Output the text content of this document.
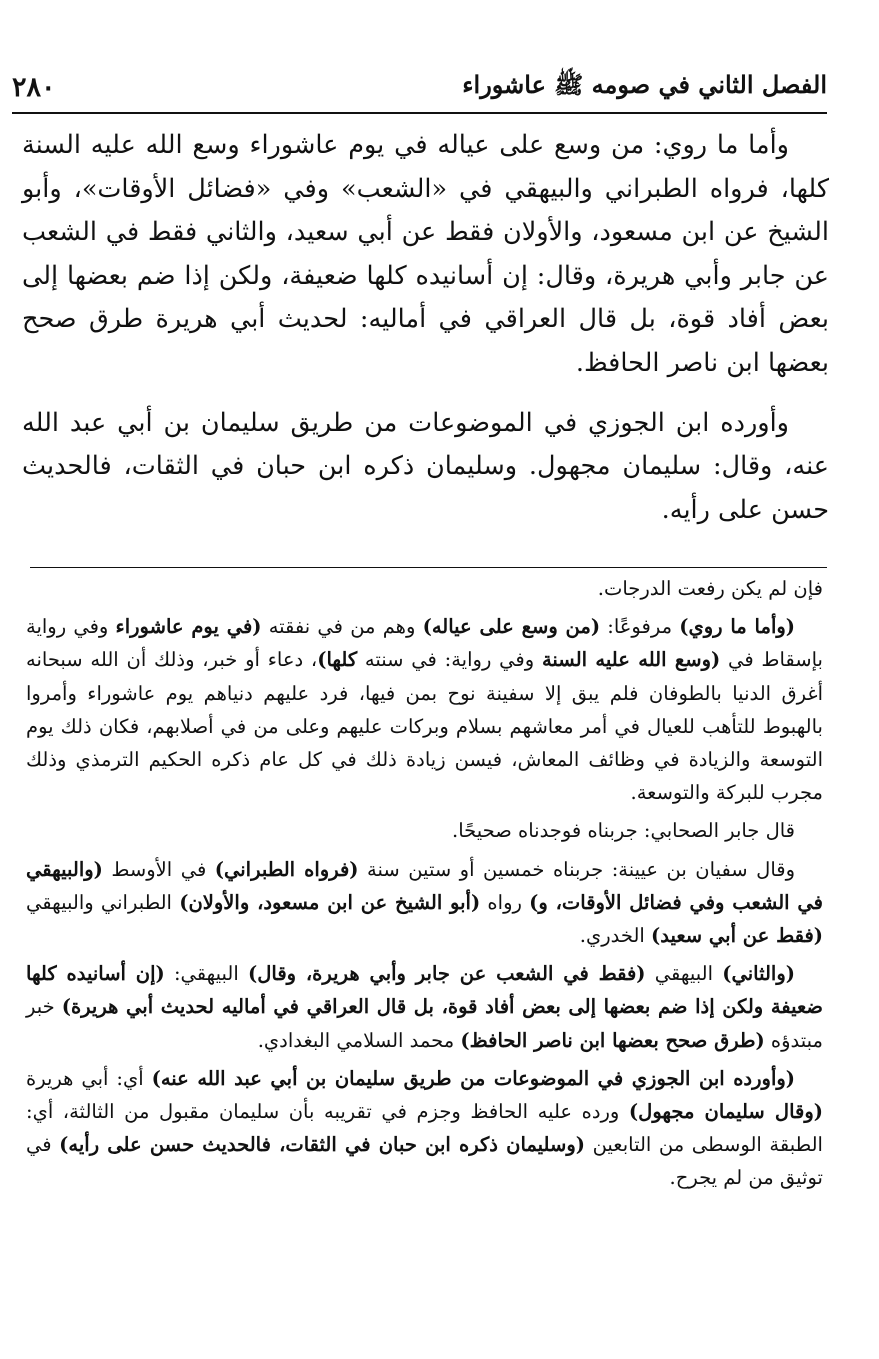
الفصل الثاني في صومه ﷺ عاشوراء
٢٨٠

وأما ما روي: من وسع على عياله في يوم عاشوراء وسع الله عليه السنة كلها، فرواه الطبراني والبيهقي في «الشعب» وفي «فضائل الأوقات»، وأبو الشيخ عن ابن مسعود، والأولان فقط عن أبي سعيد، والثاني فقط في الشعب عن جابر وأبي هريرة، وقال: إن أسانيده كلها ضعيفة، ولكن إذا ضم بعضها إلى بعض أفاد قوة، بل قال العراقي في أماليه: لحديث أبي هريرة طرق صحح بعضها ابن ناصر الحافظ.

وأورده ابن الجوزي في الموضوعات من طريق سليمان بن أبي عبد الله عنه، وقال: سليمان مجهول. وسليمان ذكره ابن حبان في الثقات، فالحديث حسن على رأيه.

فإن لم يكن رفعت الدرجات.

(وأما ما روي) مرفوعًا: (من وسع على عياله) وهم من في نفقته (في يوم عاشوراء وفي رواية بإسقاط في (وسع الله عليه السنة وفي رواية: في سنته كلها)، دعاء أو خبر، وذلك أن الله سبحانه أغرق الدنيا بالطوفان فلم يبق إلا سفينة نوح بمن فيها، فرد عليهم دنياهم يوم عاشوراء وأمروا بالهبوط للتأهب للعيال في أمر معاشهم بسلام وبركات عليهم وعلى من في أصلابهم، فكان ذلك يوم التوسعة والزيادة في وظائف المعاش، فيسن زيادة ذلك في كل عام ذكره الحكيم الترمذي وذلك مجرب للبركة والتوسعة.

قال جابر الصحابي: جربناه فوجدناه صحيحًا.

وقال سفيان بن عيينة: جربناه خمسين أو ستين سنة (فرواه الطبراني) في الأوسط (والبيهقي في الشعب وفي فضائل الأوقات، و) رواه (أبو الشيخ عن ابن مسعود، والأولان) الطبراني والبيهقي (فقط عن أبي سعيد) الخدري.

(والثاني) البيهقي (فقط في الشعب عن جابر وأبي هريرة، وقال) البيهقي: (إن أسانيده كلها ضعيفة ولكن إذا ضم بعضها إلى بعض أفاد قوة، بل قال العراقي في أماليه لحديث أبي هريرة) خبر مبتدؤه (طرق صحح بعضها ابن ناصر الحافظ) محمد السلامي البغدادي.

(وأورده ابن الجوزي في الموضوعات من طريق سليمان بن أبي عبد الله عنه) أي: أبي هريرة (وقال سليمان مجهول) ورده عليه الحافظ وجزم في تقريبه بأن سليمان مقبول من الثالثة، أي: الطبقة الوسطى من التابعين (وسليمان ذكره ابن حبان في الثقات، فالحديث حسن على رأيه) في توثيق من لم يجرح.
